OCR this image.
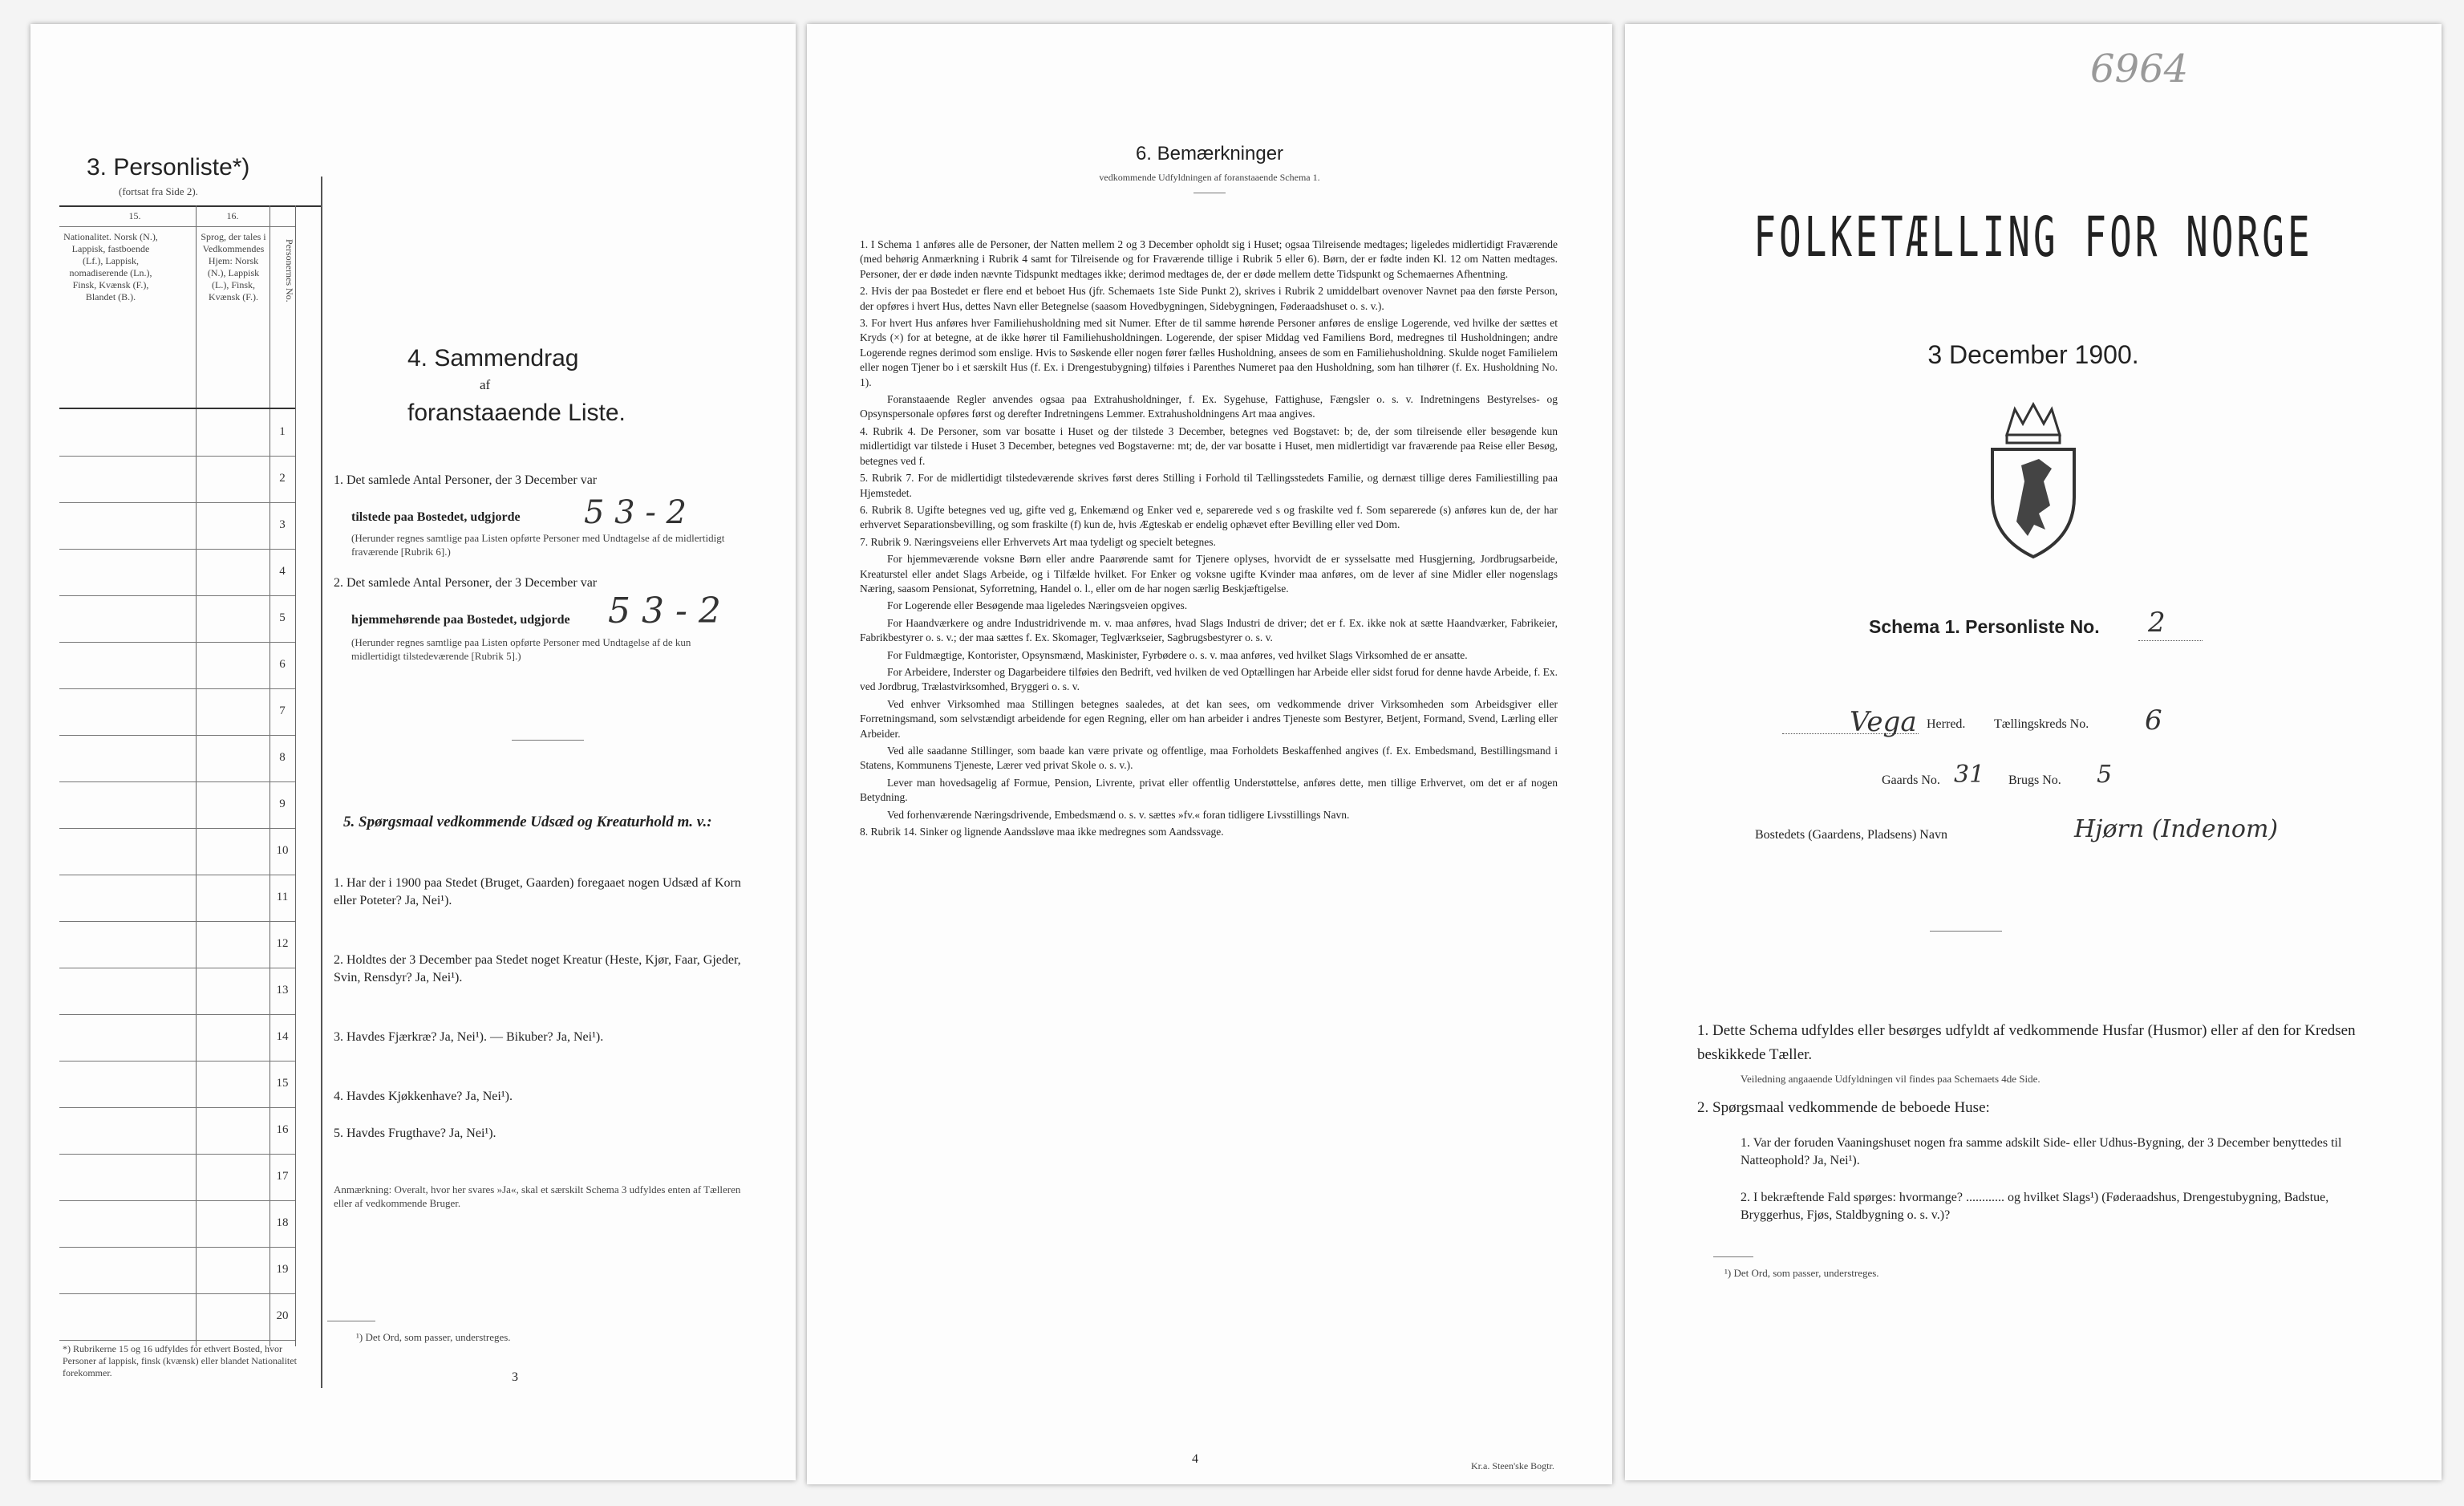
3. Personliste*)
(fortsat fra Side 2).
15.	16.
Nationalitet. Norsk (N.), Lappisk, fastboende (Lf.), Lappisk, nomadiserende (Ln.), Finsk, Kvænsk (F.), Blandet (B.).
Sprog, der tales i Vedkommendes Hjem: Norsk (N.), Lappisk (L.), Finsk, Kvænsk (F.).	Personernes No.
1
2
3
4
5
6
7
8
9
10
11
12
13
14
15
16
17
18
19
20
*) Rubrikerne 15 og 16 udfyldes for ethvert Bosted, hvor Personer af lappisk, finsk (kvænsk) eller blandet Nationalitet forekommer.
4. Sammendrag
af
foranstaaende Liste.
1. Det samlede Antal Personer, der 3 December var
tilstede paa Bostedet, udgjorde 5 3 - 2
(Herunder regnes samtlige paa Listen opførte Personer med Undtagelse af de midlertidigt fraværende [Rubrik 6].)
2. Det samlede Antal Personer, der 3 December var
hjemmehørende paa Bostedet, udgjorde 5 3 - 2
(Herunder regnes samtlige paa Listen opførte Personer med Undtagelse af de kun midlertidigt tilstedeværende [Rubrik 5].)
5. Spørgsmaal vedkommende Udsæd og Kreaturhold m. v.:
1. Har der i 1900 paa Stedet (Bruget, Gaarden) foregaaet nogen Udsæd af Korn eller Poteter? Ja, Nei¹).
2. Holdtes der 3 December paa Stedet noget Kreatur (Heste, Kjør, Faar, Gjeder, Svin, Rensdyr? Ja, Nei¹).
3. Havdes Fjærkræ? Ja, Nei¹). — Bikuber? Ja, Nei¹).
4. Havdes Kjøkkenhave? Ja, Nei¹).
5. Havdes Frugthave? Ja, Nei¹).
Anmærkning: Overalt, hvor her svares »Ja«, skal et særskilt Schema 3 udfyldes enten af Tælleren eller af vedkommende Bruger.
¹) Det Ord, som passer, understreges.
3
6. Bemærkninger
vedkommende Udfyldningen af foranstaaende Schema 1.
1. I Schema 1 anføres alle de Personer, der Natten mellem 2 og 3 December opholdt sig i Huset; ogsaa Tilreisende medtages; ligeledes midlertidigt Fraværende (med behørig Anmærkning i Rubrik 4 samt for Tilreisende og for Fraværende tillige i Rubrik 5 eller 6). Børn, der er fødte inden Kl. 12 om Natten medtages. Personer, der er døde inden nævnte Tidspunkt medtages ikke; derimod medtages de, der er døde mellem dette Tidspunkt og Schemaernes Afhentning.
2. Hvis der paa Bostedet er flere end et beboet Hus (jfr. Schemaets 1ste Side Punkt 2), skrives i Rubrik 2 umiddelbart ovenover Navnet paa den første Person, der opføres i hvert Hus, dettes Navn eller Betegnelse (saasom Hovedbygningen, Sidebygningen, Føderaadshuset o. s. v.).
3. For hvert Hus anføres hver Familiehusholdning med sit Numer. Efter de til samme hørende Personer anføres de enslige Logerende, ved hvilke der sættes et Kryds (×) for at betegne, at de ikke hører til Familiehusholdningen. Logerende, der spiser Middag ved Familiens Bord, medregnes til Husholdningen; andre Logerende regnes derimod som enslige. Hvis to Søskende eller nogen fører fælles Husholdning, ansees de som en Familiehusholdning. Skulde noget Familielem eller nogen Tjener bo i et særskilt Hus (f. Ex. i Drengestubygning) tilføies i Parenthes Numeret paa den Husholdning, som han tilhører (f. Ex. Husholdning No. 1).
Foranstaaende Regler anvendes ogsaa paa Extrahusholdninger, f. Ex. Sygehuse, Fattighuse, Fængsler o. s. v. Indretningens Bestyrelses- og Opsynspersonale opføres først og derefter Indretningens Lemmer. Extrahusholdningens Art maa angives.
4. Rubrik 4. De Personer, som var bosatte i Huset og der tilstede 3 December, betegnes ved Bogstavet: b; de, der som tilreisende eller besøgende kun midlertidigt var tilstede i Huset 3 December, betegnes ved Bogstaverne: mt; de, der var bosatte i Huset, men midlertidigt var fraværende paa Reise eller Besøg, betegnes ved f.
5. Rubrik 7. For de midlertidigt tilstedeværende skrives først deres Stilling i Forhold til Tællingsstedets Familie, og dernæst tillige deres Familiestilling paa Hjemstedet.
6. Rubrik 8. Ugifte betegnes ved ug, gifte ved g, Enkemænd og Enker ved e, separerede ved s og fraskilte ved f. Som separerede (s) anføres kun de, der har erhvervet Separationsbevilling, og som fraskilte (f) kun de, hvis Ægteskab er endelig ophævet efter Bevilling eller ved Dom.
7. Rubrik 9. Næringsveiens eller Erhvervets Art maa tydeligt og specielt betegnes.
For hjemmeværende voksne Børn eller andre Paarørende samt for Tjenere oplyses, hvorvidt de er sysselsatte med Husgjerning, Jordbrugsarbeide, Kreaturstel eller andet Slags Arbeide, og i Tilfælde hvilket. For Enker og voksne ugifte Kvinder maa anføres, om de lever af sine Midler eller nogenslags Næring, saasom Pensionat, Syforretning, Handel o. l., eller om de har nogen særlig Beskjæftigelse.
For Logerende eller Besøgende maa ligeledes Næringsveien opgives.
For Haandværkere og andre Industridrivende m. v. maa anføres, hvad Slags Industri de driver; det er f. Ex. ikke nok at sætte Haandværker, Fabrikeier, Fabrikbestyrer o. s. v.; der maa sættes f. Ex. Skomager, Teglværkseier, Sagbrugsbestyrer o. s. v.
For Fuldmægtige, Kontorister, Opsynsmænd, Maskinister, Fyrbødere o. s. v. maa anføres, ved hvilket Slags Virksomhed de er ansatte.
For Arbeidere, Inderster og Dagarbeidere tilføies den Bedrift, ved hvilken de ved Optællingen har Arbeide eller sidst forud for denne havde Arbeide, f. Ex. ved Jordbrug, Trælastvirksomhed, Bryggeri o. s. v.
Ved enhver Virksomhed maa Stillingen betegnes saaledes, at det kan sees, om vedkommende driver Virksomheden som Arbeidsgiver eller Forretningsmand, som selvstændigt arbeidende for egen Regning, eller om han arbeider i andres Tjeneste som Bestyrer, Betjent, Formand, Svend, Lærling eller Arbeider.
Ved alle saadanne Stillinger, som baade kan være private og offentlige, maa Forholdets Beskaffenhed angives (f. Ex. Embedsmand, Bestillingsmand i Statens, Kommunens Tjeneste, Lærer ved privat Skole o. s. v.).
Lever man hovedsagelig af Formue, Pension, Livrente, privat eller offentlig Understøttelse, anføres dette, men tillige Erhvervet, om det er af nogen Betydning.
Ved forhenværende Næringsdrivende, Embedsmænd o. s. v. sættes »fv.« foran tidligere Livsstillings Navn.
8. Rubrik 14. Sinker og lignende Aandssløve maa ikke medregnes som Aandssvage.
4	Kr.a. Steen'ske Bogtr.
6964
FOLKETÆLLING FOR NORGE
3 December 1900.
Schema 1. Personliste No. 2
Vega Herred. Tællingskreds No. 6
Gaards No. 31 Brugs No. 5
Bostedets (Gaardens, Pladsens) Navn	Hjørn (Indenom)
1. Dette Schema udfyldes eller besørges udfyldt af vedkommende Husfar (Husmor) eller af den for Kredsen beskikkede Tæller.
Veiledning angaaende Udfyldningen vil findes paa Schemaets 4de Side.
2. Spørgsmaal vedkommende de beboede Huse:
1. Var der foruden Vaaningshuset nogen fra samme adskilt Side- eller Udhus-Bygning, der 3 December benyttedes til Natteophold? Ja, Nei¹).
2. I bekræftende Fald spørges: hvormange? ............ og hvilket Slags¹) (Føderaadshus, Drengestubygning, Badstue, Bryggerhus, Fjøs, Staldbygning o. s. v.)?
¹) Det Ord, som passer, understreges.
